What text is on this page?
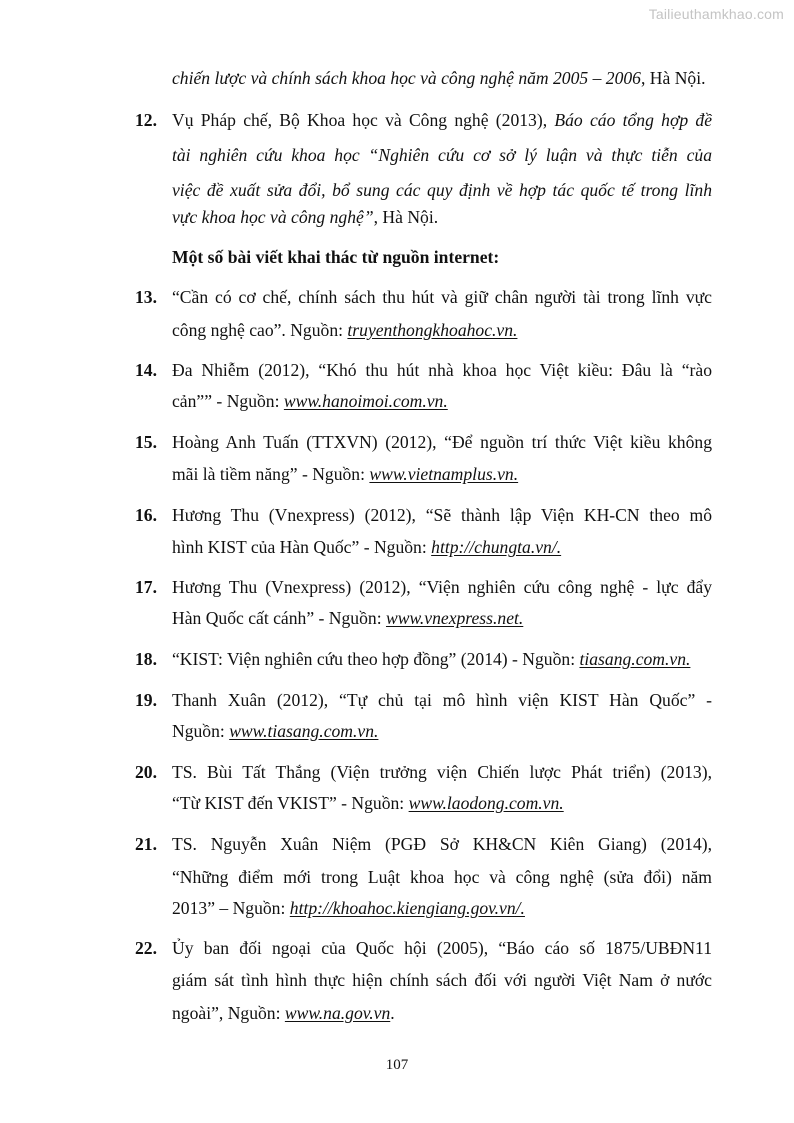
Tailieuthamkhao.com
chiến lược và chính sách khoa học và công nghệ năm 2005 – 2006, Hà Nội.
12. Vụ Pháp chế, Bộ Khoa học và Công nghệ (2013), Báo cáo tổng hợp đề
tài nghiên cứu khoa học “Nghiên cứu cơ sở lý luận và thực tiễn của
việc đề xuất sửa đổi, bổ sung các quy định về hợp tác quốc tế trong lĩnh
vực khoa học và công nghệ”, Hà Nội.
Một số bài viết khai thác từ nguồn internet:
13. “Cần có cơ chế, chính sách thu hút và giữ chân người tài trong lĩnh vực
công nghệ cao”. Nguồn: truyenthongkhoahoc.vn.
14. Đa Nhiễm (2012), “Khó thu hút nhà khoa học Việt kiều: Đâu là “rào
cản”” - Nguồn: www.hanoimoi.com.vn.
15. Hoàng Anh Tuấn (TTXVN) (2012), “Để nguồn trí thức Việt kiều không
mãi là tiềm năng” - Nguồn: www.vietnamplus.vn.
16. Hương Thu (Vnexpress) (2012), “Sẽ thành lập Viện KH-CN theo mô
hình KIST của Hàn Quốc” - Nguồn: http://chungta.vn/.
17. Hương Thu (Vnexpress) (2012), “Viện nghiên cứu công nghệ - lực đẩy
Hàn Quốc cất cánh” - Nguồn: www.vnexpress.net.
18. “KIST: Viện nghiên cứu theo hợp đồng” (2014) - Nguồn: tiasang.com.vn.
19. Thanh Xuân (2012), “Tự chủ tại mô hình viện KIST Hàn Quốc” -
Nguồn: www.tiasang.com.vn.
20. TS. Bùi Tất Thắng (Viện trưởng viện Chiến lược Phát triển) (2013),
“Từ KIST đến VKIST” - Nguồn: www.laodong.com.vn.
21. TS. Nguyễn Xuân Niệm (PGĐ Sở KH&CN Kiên Giang) (2014),
“Những điểm mới trong Luật khoa học và công nghệ (sửa đổi) năm
2013” – Nguồn: http://khoahoc.kiengiang.gov.vn/.
22. Ủy ban đối ngoại của Quốc hội (2005), “Báo cáo số 1875/UBĐN11
giám sát tình hình thực hiện chính sách đối với người Việt Nam ở nước
ngoài”, Nguồn: www.na.gov.vn.
107
